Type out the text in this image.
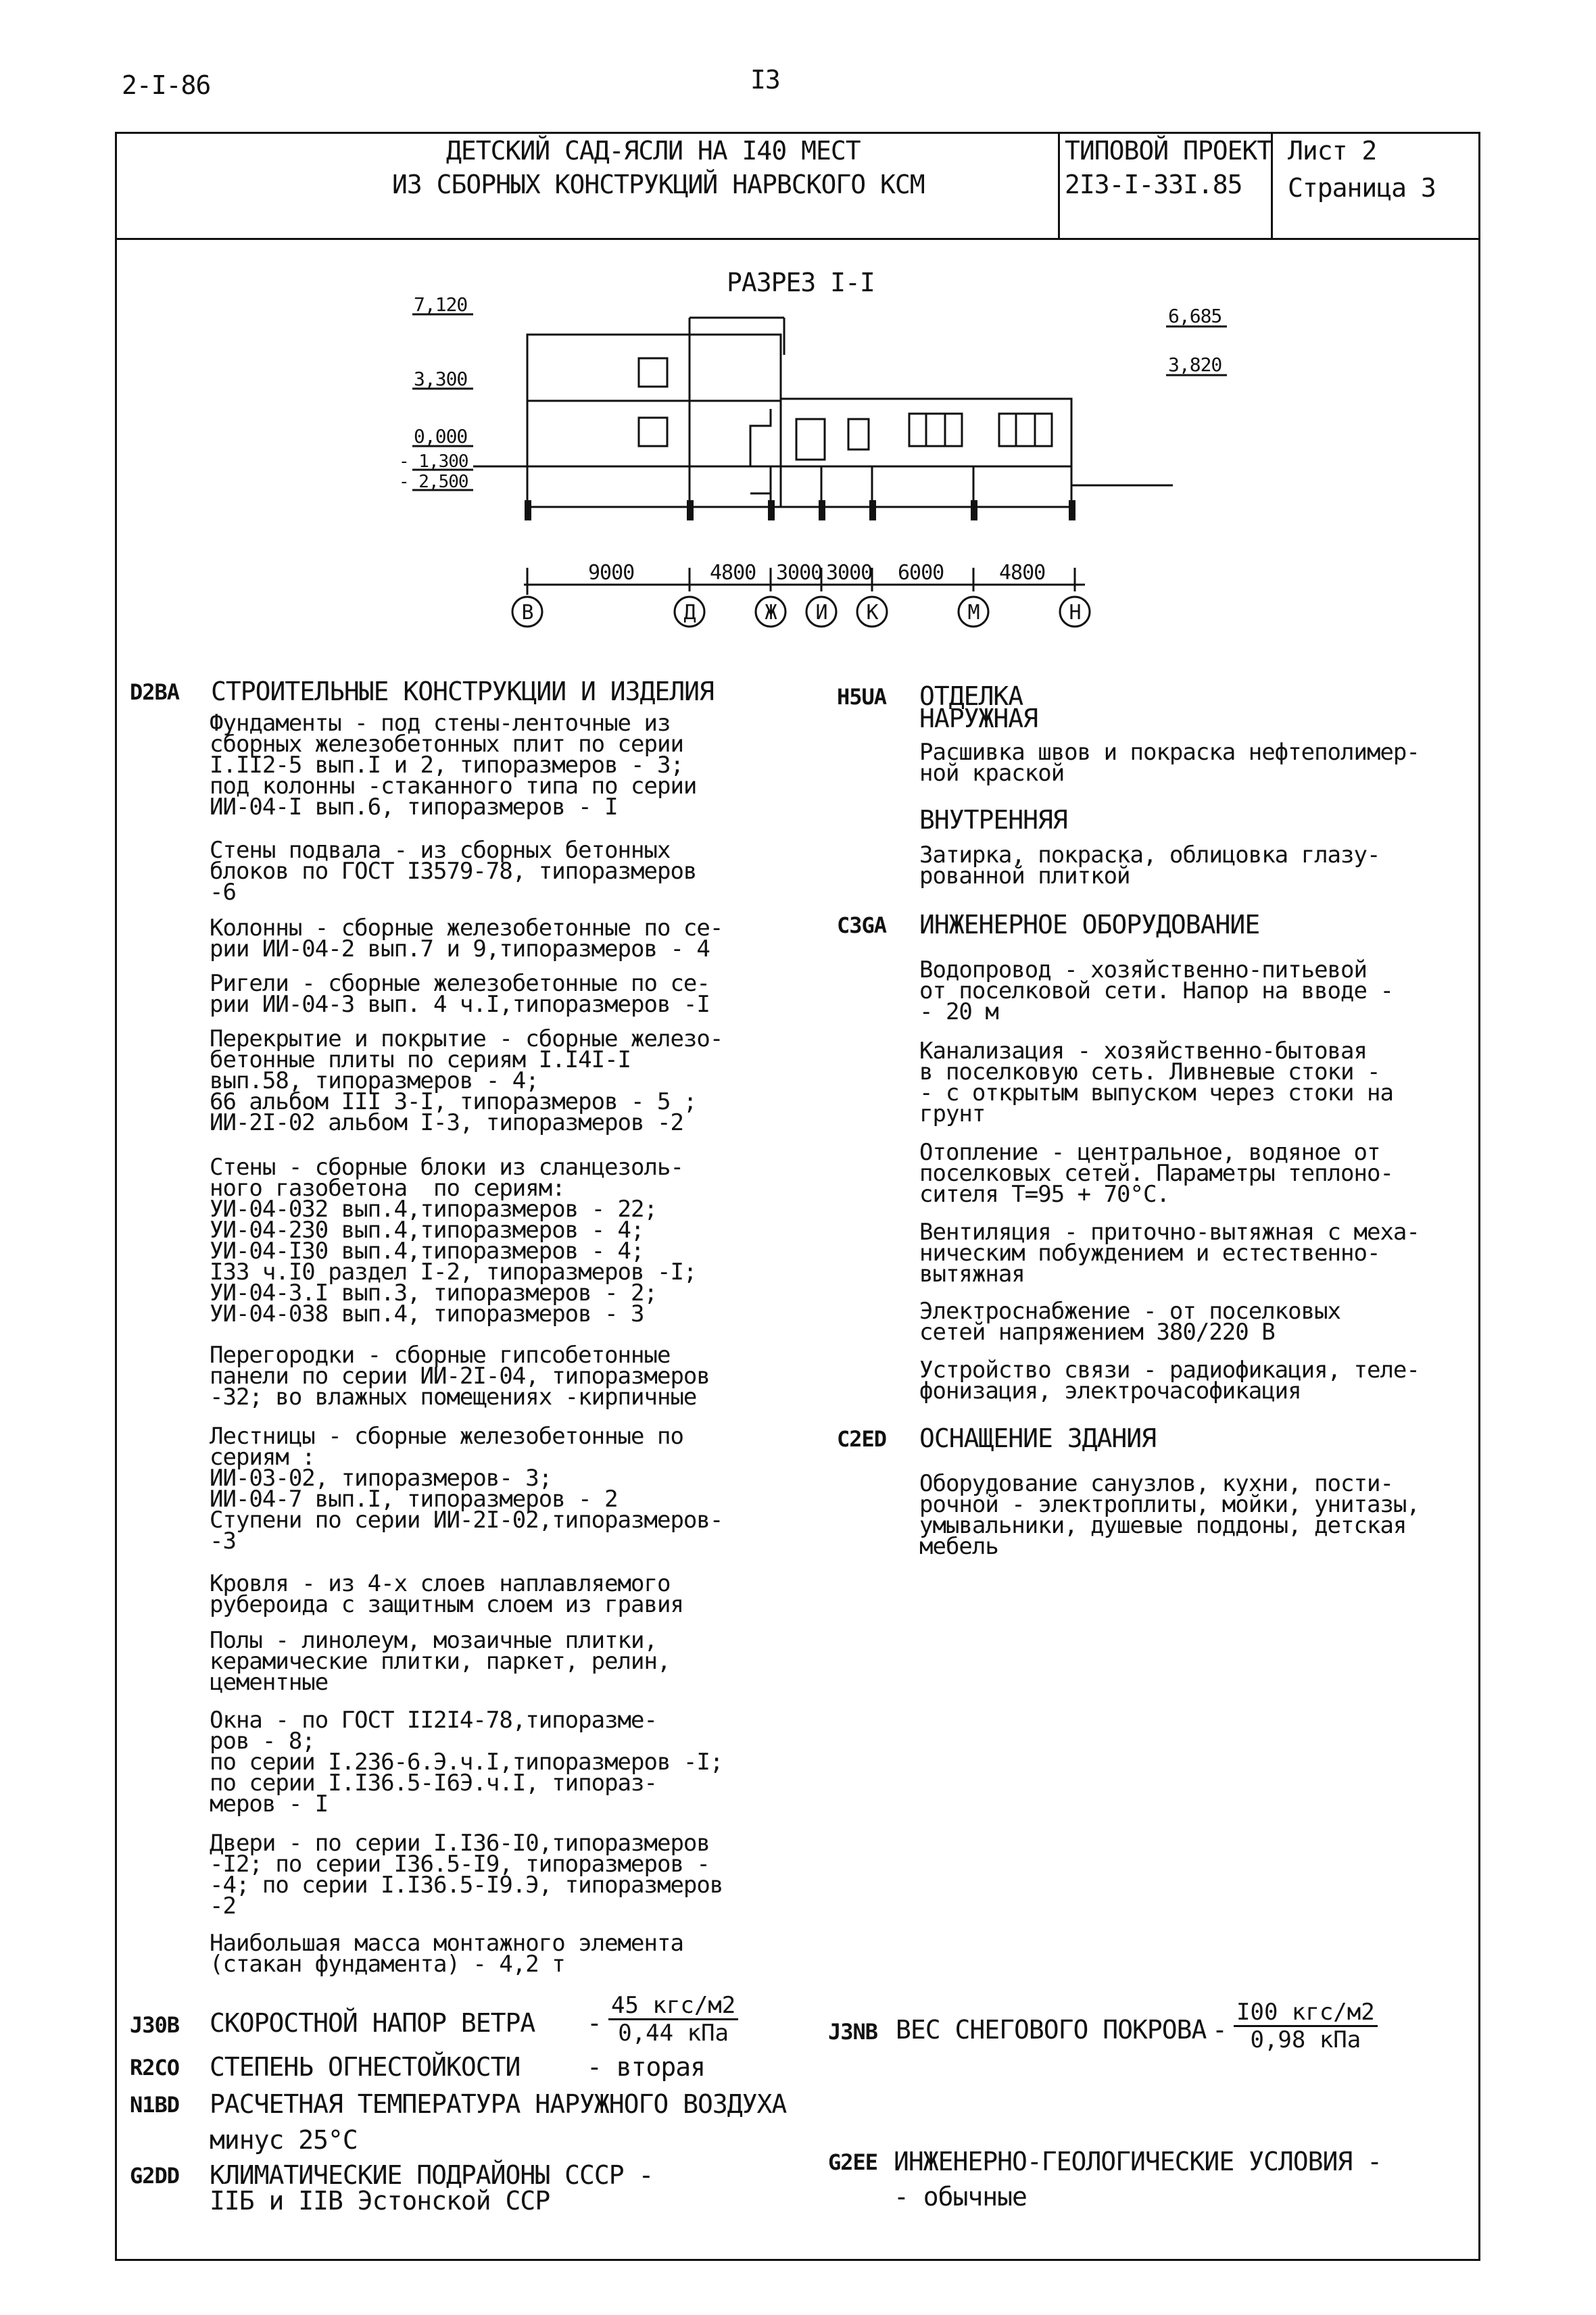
2-I-86	I3
ДЕТСКИЙ САД-ЯСЛИ НА I40 МЕСТ
ИЗ СБОРНЫХ КОНСТРУКЦИЙ НАРВСКОГО КСМ
ТИПОВОЙ ПРОЕКТ
2I3-I-33I.85
Лист 2
Страница 3
РАЗРЕЗ I-I
7,120
3,300
0,000
- 1,300
- 2,500
6,685
3,820
9000	4800 3000 3000 6000	4800
В	Д	Ж И К	М	Н
D2BA СТРОИТЕЛЬНЫЕ КОНСТРУКЦИИ И ИЗДЕЛИЯ
Фундаменты - под стены-ленточные из
сборных железобетонных плит по серии
I.II2-5 вып.I и 2, типоразмеров - 3;
под колонны -стаканного типа по серии
ИИ-04-I вып.6, типоразмеров - I
Стены подвала - из сборных бетонных
блоков по ГОСТ I3579-78, типоразмеров
-6
Колонны - сборные железобетонные по се-
рии ИИ-04-2 вып.7 и 9,типоразмеров - 4
Ригели - сборные железобетонные по се-
рии ИИ-04-3 вып. 4 ч.I,типоразмеров -I
Перекрытие и покрытие - сборные железо-
бетонные плиты по сериям I.I4I-I
вып.58, типоразмеров - 4;
66 альбом III 3-I, типоразмеров - 5 ;
ИИ-2I-02 альбом I-3, типоразмеров -2
Стены - сборные блоки из сланцезоль-
ного газобетона  по сериям:
УИ-04-032 вып.4,типоразмеров - 22;
УИ-04-230 вып.4,типоразмеров - 4;
УИ-04-I30 вып.4,типоразмеров - 4;
I33 ч.I0 раздел I-2, типоразмеров -I;
УИ-04-3.I вып.3, типоразмеров - 2;
УИ-04-038 вып.4, типоразмеров - 3
Перегородки - сборные гипсобетонные
панели по серии ИИ-2I-04, типоразмеров
-32; во влажных помещениях -кирпичные
Лестницы - сборные железобетонные по
сериям :
ИИ-03-02, типоразмеров- 3;
ИИ-04-7 вып.I, типоразмеров - 2
Ступени по серии ИИ-2I-02,типоразмеров-
-3
Кровля - из 4-х слоев наплавляемого
рубероида с защитным слоем из гравия
Полы - линолеум, мозаичные плитки,
керамические плитки, паркет, релин,
цементные
Окна - по ГОСТ II2I4-78,типоразме-
ров - 8;
по серии I.236-6.Э.ч.I,типоразмеров -I;
по серии I.I36.5-I6Э.ч.I, типораз-
меров - I
Двери - по серии I.I36-I0,типоразмеров
-I2; по серии I36.5-I9, типоразмеров -
-4; по серии I.I36.5-I9.Э, типоразмеров
-2
Наибольшая масса монтажного элемента
(стакан фундамента) - 4,2 т
H5UA ОТДЕЛКА
НАРУЖНАЯ
Расшивка швов и покраска нефтеполимер-
ной краской
ВНУТРЕННЯЯ
Затирка, покраска, облицовка глазу-
рованной плиткой
C3GA ИНЖЕНЕРНОЕ ОБОРУДОВАНИЕ
Водопровод - хозяйственно-питьевой
от поселковой сети. Напор на вводе -
- 20 м
Канализация - хозяйственно-бытовая
в поселковую сеть. Ливневые стоки -
- с открытым выпуском через стоки на
грунт
Отопление - центральное, водяное от
поселковых сетей. Параметры теплоно-
сителя Т=95 + 70°С.
Вентиляция - приточно-вытяжная с меха-
ническим побуждением и естественно-
вытяжная
Электроснабжение - от поселковых
сетей напряжением 380/220 В
Устройство связи - радиофикация, теле-
фонизация, электрочасофикация
C2ED ОСНАЩЕНИЕ ЗДАНИЯ
Оборудование санузлов, кухни, пости-
рочной - электроплиты, мойки, унитазы,
умывальники, душевые поддоны, детская
мебель
J30B СКОРОСТНОЙ НАПОР ВЕТРА -
45 кгс/м2
0,44 кПа	J3NB ВЕС СНЕГОВОГО ПОКРОВА -
I00 кгс/м2
0,98 кПа
R2CO СТЕПЕНЬ ОГНЕСТОЙКОСТИ	- вторая
N1BD РАСЧЕТНАЯ ТЕМПЕРАТУРА НАРУЖНОГО ВОЗДУХА
минус 25°С
G2DD КЛИМАТИЧЕСКИЕ ПОДРАЙОНЫ СССР -
IIБ и IIВ Эстонской ССР
G2EE ИНЖЕНЕРНО-ГЕОЛОГИЧЕСКИЕ УСЛОВИЯ -
- обычные
